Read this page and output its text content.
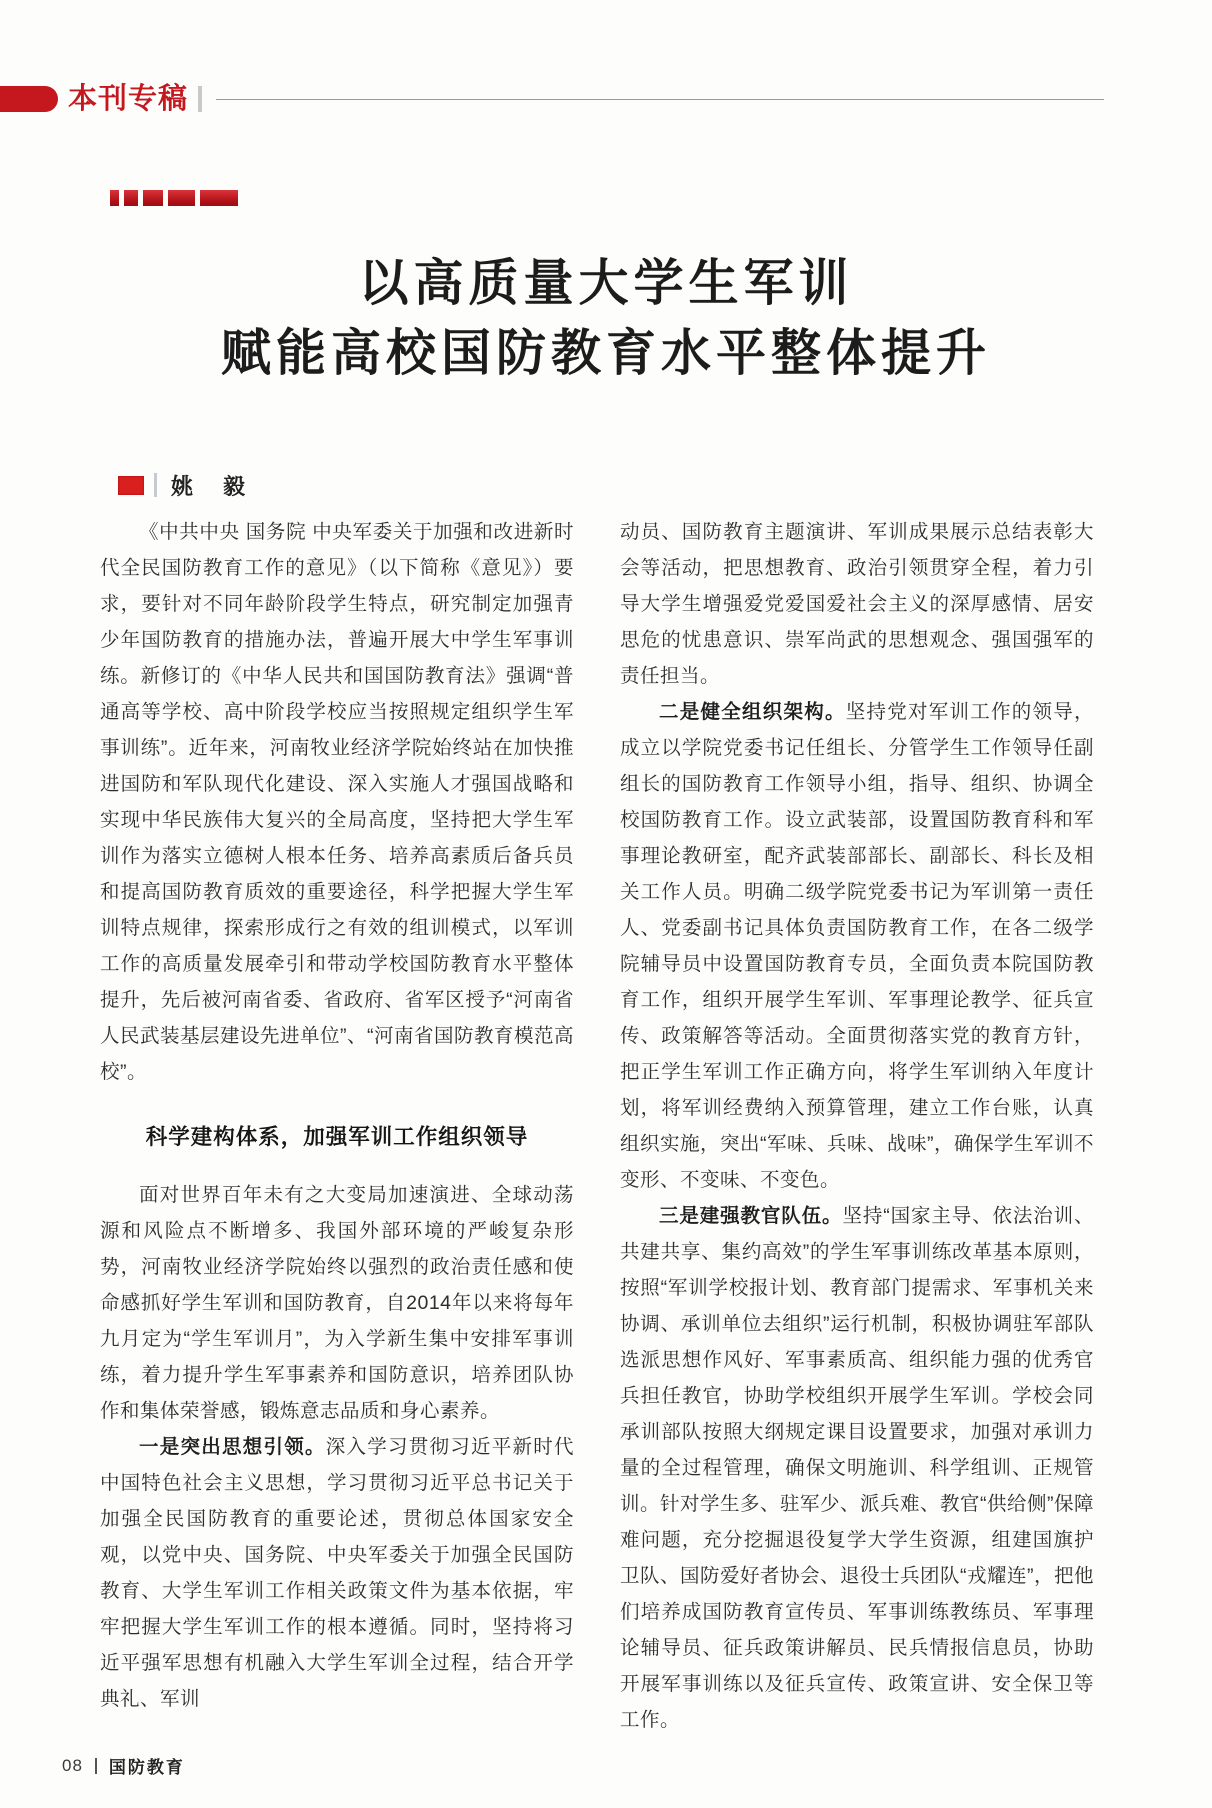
本刊专稿
以高质量大学生军训
赋能高校国防教育水平整体提升
姚　毅

《中共中央 国务院 中央军委关于加强和改进新时代全民国防教育工作的意见》（以下简称《意见》）要求，要针对不同年龄阶段学生特点，研究制定加强青少年国防教育的措施办法，普遍开展大中学生军事训练。新修订的《中华人民共和国国防教育法》强调“普通高等学校、高中阶段学校应当按照规定组织学生军事训练”。近年来，河南牧业经济学院始终站在加快推进国防和军队现代化建设、深入实施人才强国战略和实现中华民族伟大复兴的全局高度，坚持把大学生军训作为落实立德树人根本任务、培养高素质后备兵员和提高国防教育质效的重要途径，科学把握大学生军训特点规律，探索形成行之有效的组训模式，以军训工作的高质量发展牵引和带动学校国防教育水平整体提升，先后被河南省委、省政府、省军区授予“河南省人民武装基层建设先进单位”、“河南省国防教育模范高校”。

科学建构体系，加强军训工作组织领导

面对世界百年未有之大变局加速演进、全球动荡源和风险点不断增多、我国外部环境的严峻复杂形势，河南牧业经济学院始终以强烈的政治责任感和使命感抓好学生军训和国防教育，自2014年以来将每年九月定为“学生军训月”，为入学新生集中安排军事训练，着力提升学生军事素养和国防意识，培养团队协作和集体荣誉感，锻炼意志品质和身心素养。

一是突出思想引领。深入学习贯彻习近平新时代中国特色社会主义思想，学习贯彻习近平总书记关于加强全民国防教育的重要论述，贯彻总体国家安全观，以党中央、国务院、中央军委关于加强全民国防教育、大学生军训工作相关政策文件为基本依据，牢牢把握大学生军训工作的根本遵循。同时，坚持将习近平强军思想有机融入大学生军训全过程，结合开学典礼、军训

动员、国防教育主题演讲、军训成果展示总结表彰大会等活动，把思想教育、政治引领贯穿全程，着力引导大学生增强爱党爱国爱社会主义的深厚感情、居安思危的忧患意识、崇军尚武的思想观念、强国强军的责任担当。

二是健全组织架构。坚持党对军训工作的领导，成立以学院党委书记任组长、分管学生工作领导任副组长的国防教育工作领导小组，指导、组织、协调全校国防教育工作。设立武装部，设置国防教育科和军事理论教研室，配齐武装部部长、副部长、科长及相关工作人员。明确二级学院党委书记为军训第一责任人、党委副书记具体负责国防教育工作，在各二级学院辅导员中设置国防教育专员，全面负责本院国防教育工作，组织开展学生军训、军事理论教学、征兵宣传、政策解答等活动。全面贯彻落实党的教育方针，把正学生军训工作正确方向，将学生军训纳入年度计划，将军训经费纳入预算管理，建立工作台账，认真组织实施，突出“军味、兵味、战味”，确保学生军训不变形、不变味、不变色。

三是建强教官队伍。坚持“国家主导、依法治训、共建共享、集约高效”的学生军事训练改革基本原则，按照“军训学校报计划、教育部门提需求、军事机关来协调、承训单位去组织”运行机制，积极协调驻军部队选派思想作风好、军事素质高、组织能力强的优秀官兵担任教官，协助学校组织开展学生军训。学校会同承训部队按照大纲规定课目设置要求，加强对承训力量的全过程管理，确保文明施训、科学组训、正规管训。针对学生多、驻军少、派兵难、教官“供给侧”保障难问题，充分挖掘退役复学大学生资源，组建国旗护卫队、国防爱好者协会、退役士兵团队“戎耀连”，把他们培养成国防教育宣传员、军事训练教练员、军事理论辅导员、征兵政策讲解员、民兵情报信息员，协助开展军事训练以及征兵宣传、政策宣讲、安全保卫等工作。

08 国防教育
